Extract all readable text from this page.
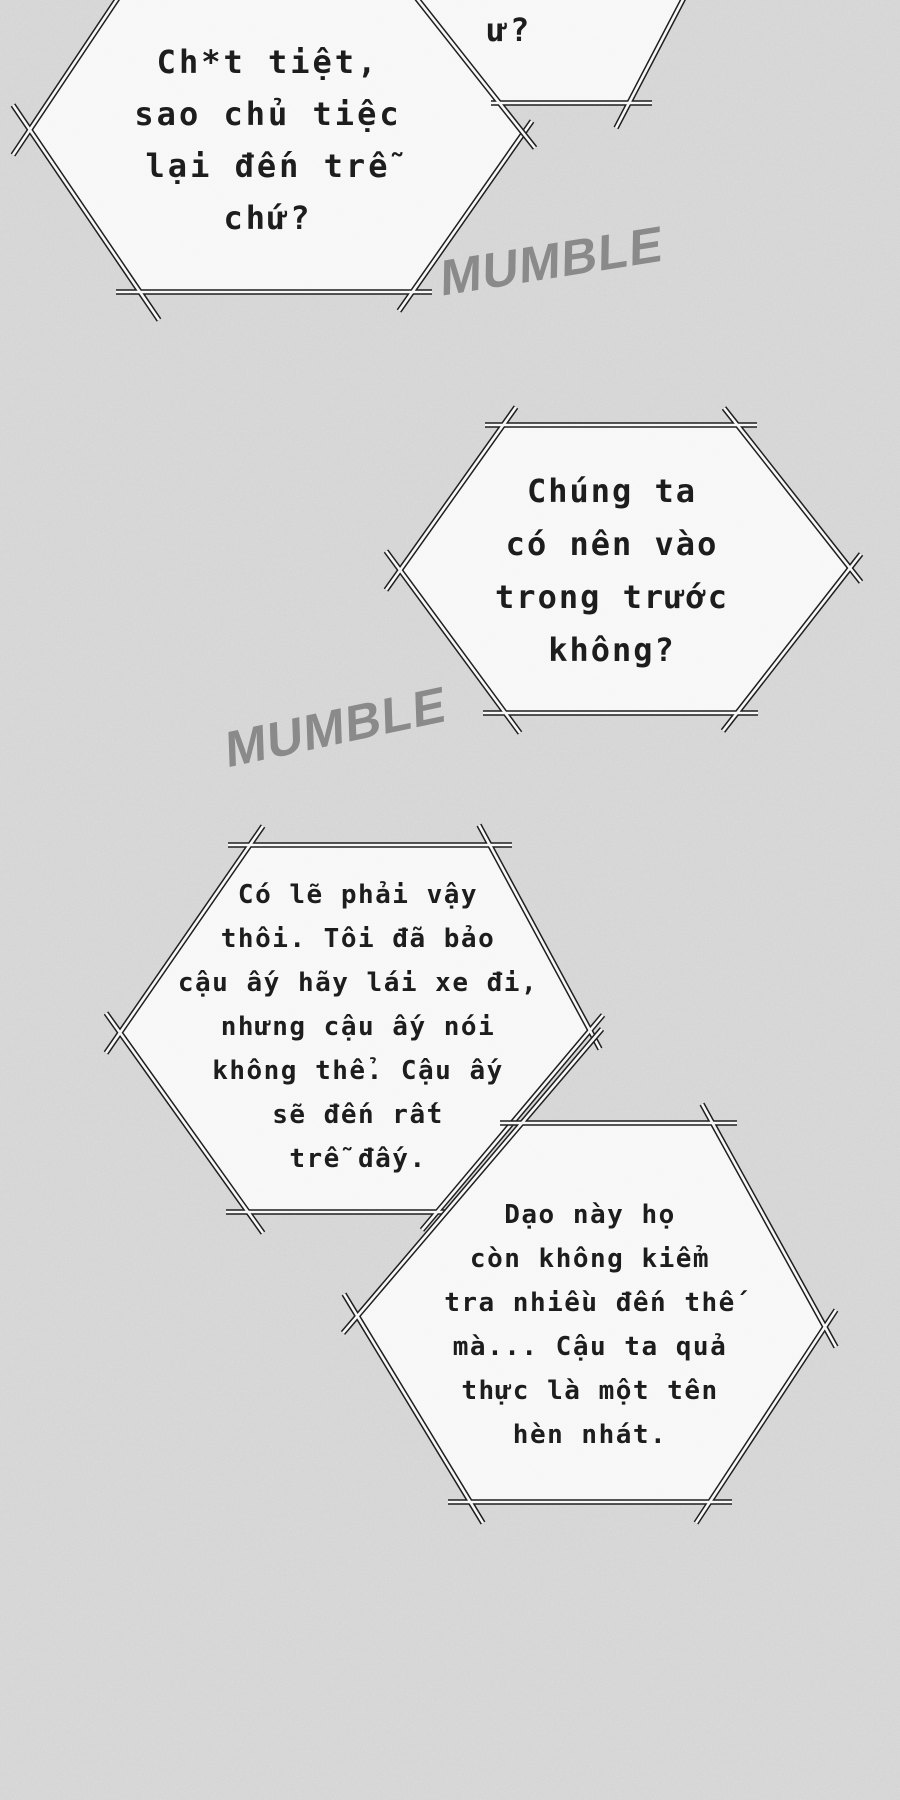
Ch*t tiệt,
sao chủ tiệc
lại đến trễ
chứ?
ư?
Chúng ta
có nên vào
trong trước
không?
Có lẽ phải vậy
thôi. Tôi đã bảo
cậu ấy hãy lái xe đi,
nhưng cậu ấy nói
không thể. Cậu ấy
sẽ đến rất
trễ đấy.
Dạo này họ
còn không kiểm
tra nhiều đến thế
mà... Cậu ta quả
thực là một tên
hèn nhát.
MUMBLE
MUMBLE
